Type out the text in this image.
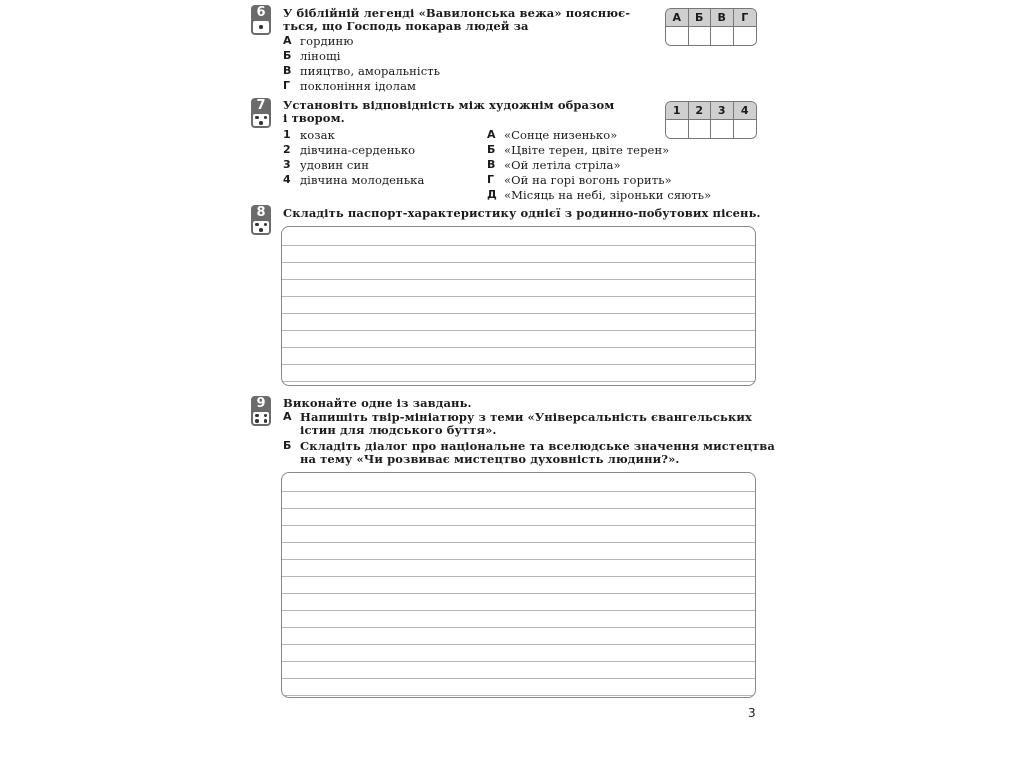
6 У біблійній легенді «Вавилонська вежа» пояснює-
ться, що Господь покарав людей за
А гординю
Б лінощі
В пияцтво, аморальність
Г поклоніння ідолам
А	Б	В	Г
7 Установіть відповідність між художнім образом
і твором.
1 козак
2 дівчина-серденько
3 удовин син
4 дівчина молоденька
А «Сонце низенько»
Б «Цвіте терен, цвіте терен»
В «Ой летіла стріла»
Г «Ой на горі вогонь горить»
Д «Місяць на небі, зіроньки сяють»
1	2	3	4
8 Складіть паспорт-характеристику однієї з родинно-побутових пісень.
9 Виконайте одне із завдань.
А Напишіть твір-мініатюру з теми «Універсальність євангельських
істин для людського буття».
Б Складіть діалог про національне та вселюдське значення мистецтва
на тему «Чи розвиває мистецтво духовність людини?».
3
